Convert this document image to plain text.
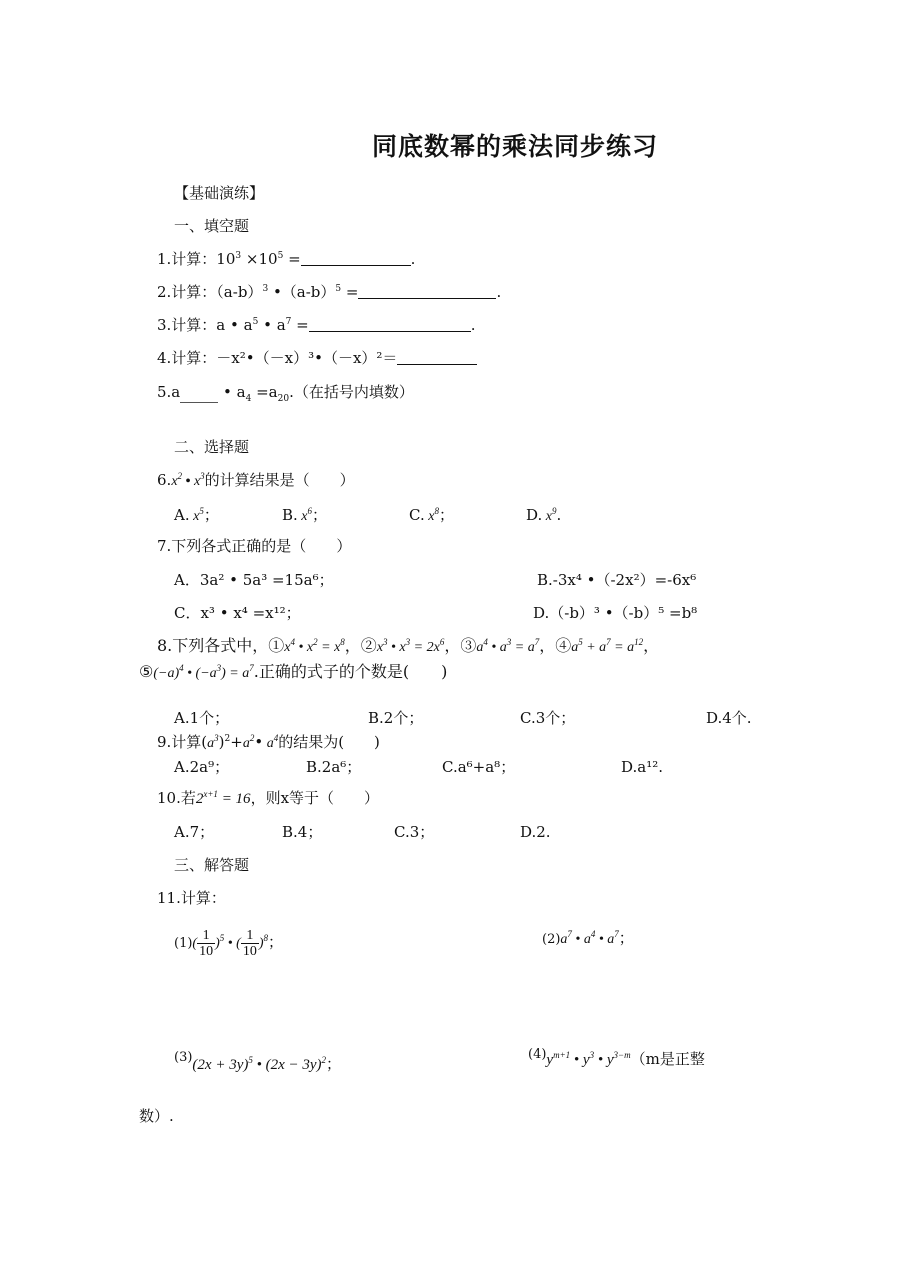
同底数幂的乘法同步练习
【基础演练】
一、填空题
1.计算：$10^3 \times 10^5$ =	.
2.计算：$(a-b)^3$ $•(a-b)^5$ =	.
3.计算：a • $a^5$ • $a^7$ =	.
4.计算：－x²•（－x）³•（－x）²＝
5.a	• $a_4 =a_{20}$.（在括号内填数）
二、选择题
$6.x^2$ • $x^3$的计算结果是（　　）
A. $x^5$；	B. $x^6$；	C. $x^8$；	D. $x^9$.
7.下列各式正确的是（　　）
A．3a² • 5a³ =15a⁶；	B.-3x⁴ •（-2x²）=-6x⁶
C．x³ • x⁴ =x¹²；	D.（-b）³ •（-b）⁵ =b⁸
8.下列各式中，$①x^4$ • $x^2 = x^8$，$②x^3$ • $x^3 = 2x^6$，$③a^4$ • $a^3 = a^7$，$④a^5 + a^7 = a^{12}$，
$⑤(-a)^4$ • $(-a^3) = a^7$.正确的式子的个数是(　　)
A.1个；	B.2个；	C.3个；	D.4个.
9.计算$(a^3)^2+a^2•$ $a^4$的结果为(　　)
A.2a⁹；	B.2a⁶；	C.a⁶+a⁸；	D.a¹².
10.若$2^{x+1} = 16$，则x等于（　　）
A.7；	B.4；	C.3；	D.2.
三、解答题
11.计算：
$(1)( \frac{1}{10} )^5$ • ( $\frac{1}{10} )^8$；	$(2)a^7$ • $a^4$ • $a^7$；
$(3)(2x + 3y)^5$ • $(2x - 3y)^2$；
$(4)y^{m+1}$ • $y^3$ • $y^{3-m}(m$是正整
数）.
